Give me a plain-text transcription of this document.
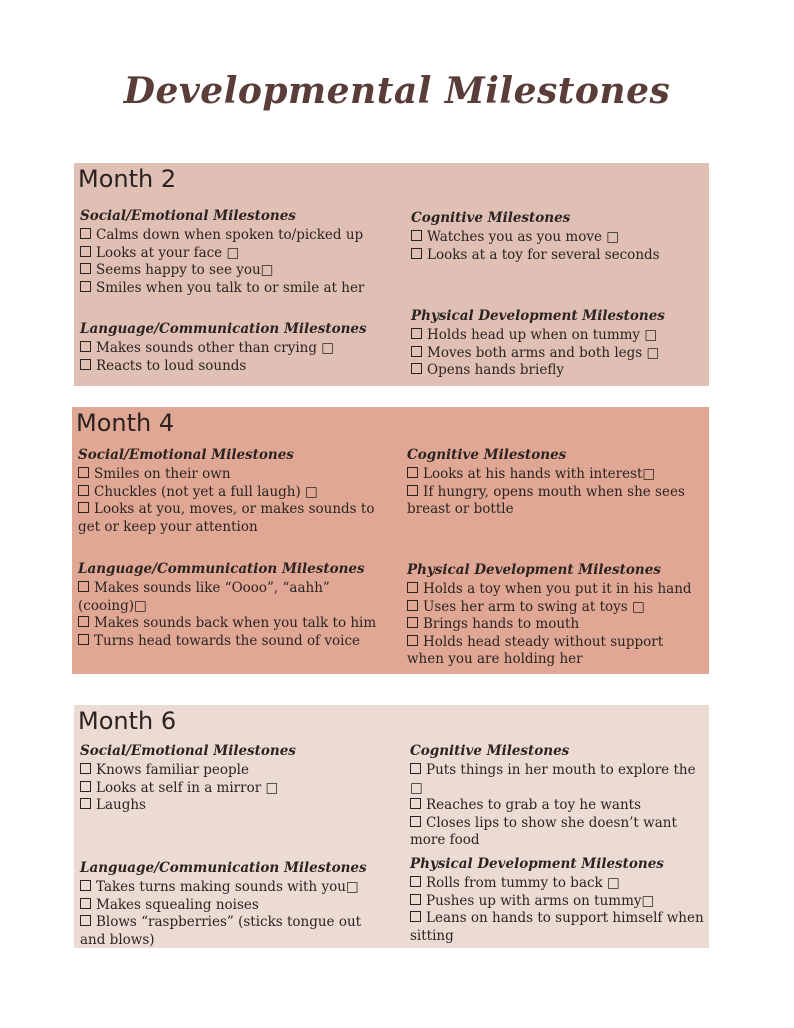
Developmental Milestones
Month 2
Social/Emotional Milestones
Calms down when spoken to/picked up
Looks at your face □
Seems happy to see you□
Smiles when you talk to or smile at her
Language/Communication Milestones
Makes sounds other than crying □
Reacts to loud sounds
Cognitive Milestones
Watches you as you move □
Looks at a toy for several seconds
Physical Development Milestones
Holds head up when on tummy □
Moves both arms and both legs □
Opens hands briefly
Month 4
Social/Emotional Milestones
Smiles on their own
Chuckles (not yet a full laugh) □
Looks at you, moves, or makes sounds to get or keep your attention
Language/Communication Milestones
Makes sounds like “Oooo”, “aahh” (cooing)□
Makes sounds back when you talk to him
Turns head towards the sound of voice
Cognitive Milestones
Looks at his hands with interest□
If hungry, opens mouth when she sees breast or bottle
Physical Development Milestones
Holds a toy when you put it in his hand
Uses her arm to swing at toys □
Brings hands to mouth
Holds head steady without support when you are holding her
Month 6
Social/Emotional Milestones
Knows familiar people
Looks at self in a mirror □
Laughs
Language/Communication Milestones
Takes turns making sounds with you□
Makes squealing noises
Blows “raspberries” (sticks tongue out and blows)
Cognitive Milestones
Puts things in her mouth to explore the □
Reaches to grab a toy he wants
Closes lips to show she doesn’t want more food
Physical Development Milestones
Rolls from tummy to back □
Pushes up with arms on tummy□
Leans on hands to support himself when sitting
